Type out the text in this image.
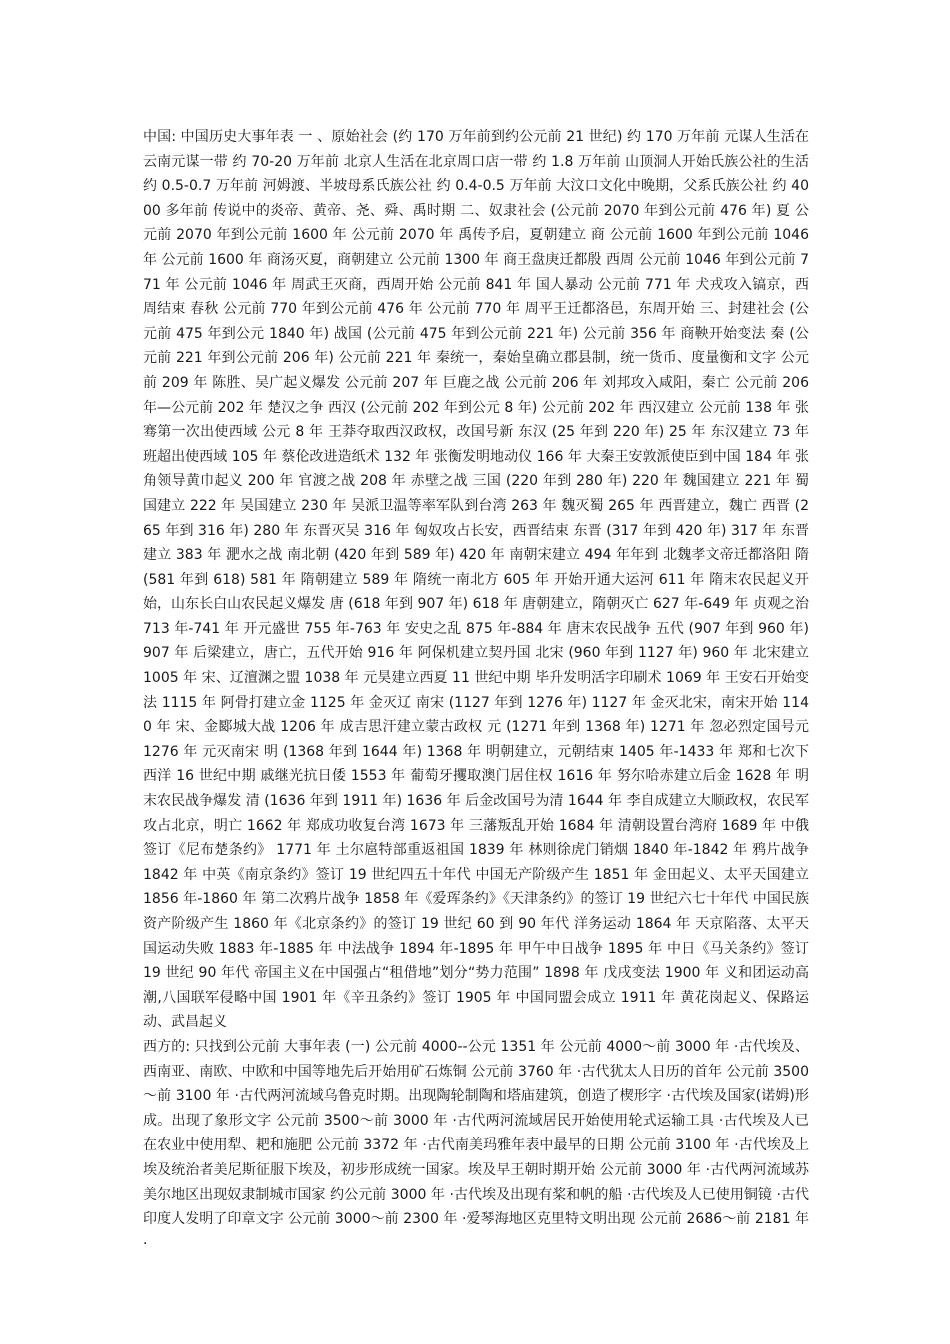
中国: 中国历史大事年表 一 、原始社会 (约 170 万年前到约公元前 21 世纪) 约 170 万年前 元谋人生活在云南元谋一带 约 70-20 万年前 北京人生活在北京周口店一带 约 1.8 万年前 山顶洞人开始氏族公社的生活 约 0.5-0.7 万年前 河姆渡、半坡母系氏族公社 约 0.4-0.5 万年前 大汶口文化中晚期，父系氏族公社 约 4000 多年前 传说中的炎帝、黄帝、尧、舜、禹时期 二、奴隶社会 (公元前 2070 年到公元前 476 年) 夏 公元前 2070 年到公元前 1600 年 公元前 2070 年 禹传予启，夏朝建立 商 公元前 1600 年到公元前 1046 年 公元前 1600 年 商汤灭夏，商朝建立 公元前 1300 年 商王盘庚迁都殷 西周 公元前 1046 年到公元前 771 年 公元前 1046 年 周武王灭商，西周开始 公元前 841 年 国人暴动 公元前 771 年 犬戎攻入镐京，西周结束 春秋 公元前 770 年到公元前 476 年 公元前 770 年 周平王迁都洛邑，东周开始 三、封建社会 (公元前 475 年到公元 1840 年) 战国 (公元前 475 年到公元前 221 年) 公元前 356 年 商鞅开始变法 秦 (公元前 221 年到公元前 206 年) 公元前 221 年 秦统一，秦始皇确立郡县制，统一货币、度量衡和文字 公元前 209 年 陈胜、吴广起义爆发 公元前 207 年 巨鹿之战 公元前 206 年 刘邦攻入咸阳，秦亡 公元前 206 年—公元前 202 年 楚汉之争 西汉 (公元前 202 年到公元 8 年) 公元前 202 年 西汉建立 公元前 138 年 张骞第一次出使西域 公元 8 年 王莽夺取西汉政权，改国号新 东汉 (25 年到 220 年) 25 年 东汉建立 73 年 班超出使西域 105 年 蔡伦改进造纸术 132 年 张衡发明地动仪 166 年 大秦王安敦派使臣到中国 184 年 张角领导黄巾起义 200 年 官渡之战 208 年 赤壁之战 三国 (220 年到 280 年) 220 年 魏国建立 221 年 蜀国建立 222 年 吴国建立 230 年 吴派卫温等率军队到台湾 263 年 魏灭蜀 265 年 西晋建立，魏亡 西晋 (265 年到 316 年) 280 年 东晋灭吴 316 年 匈奴攻占长安，西晋结束 东晋 (317 年到 420 年) 317 年 东晋建立 383 年 淝水之战 南北朝 (420 年到 589 年) 420 年 南朝宋建立 494 年年到 北魏孝文帝迁都洛阳 隋 (581 年到 618) 581 年 隋朝建立 589 年 隋统一南北方 605 年 开始开通大运河 611 年 隋末农民起义开始，山东长白山农民起义爆发 唐 (618 年到 907 年) 618 年 唐朝建立，隋朝灭亡 627 年-649 年 贞观之治 713 年-741 年 开元盛世 755 年-763 年 安史之乱 875 年-884 年 唐末农民战争 五代 (907 年到 960 年) 907 年 后梁建立，唐亡，五代开始 916 年 阿保机建立契丹国 北宋 (960 年到 1127 年) 960 年 北宋建立 1005 年 宋、辽澶渊之盟 1038 年 元昊建立西夏 11 世纪中期 毕升发明活字印刷术 1069 年 王安石开始变法 1115 年 阿骨打建立金 1125 年 金灭辽 南宋 (1127 年到 1276 年) 1127 年 金灭北宋，南宋开始 1140 年 宋、金郾城大战 1206 年 成吉思汗建立蒙古政权 元 (1271 年到 1368 年) 1271 年 忽必烈定国号元 1276 年 元灭南宋 明 (1368 年到 1644 年) 1368 年 明朝建立，元朝结束 1405 年-1433 年 郑和七次下西洋 16 世纪中期 戚继光抗日倭 1553 年 葡萄牙攫取澳门居住权 1616 年 努尔哈赤建立后金 1628 年 明末农民战争爆发 清 (1636 年到 1911 年) 1636 年 后金改国号为清 1644 年 李自成建立大顺政权，农民军攻占北京，明亡 1662 年 郑成功收复台湾 1673 年 三藩叛乱开始 1684 年 清朝设置台湾府 1689 年 中俄签订《尼布楚条约》 1771 年 土尔扈特部重返祖国 1839 年 林则徐虎门销烟 1840 年-1842 年 鸦片战争 1842 年 中英《南京条约》签订 19 世纪四五十年代 中国无产阶级产生 1851 年 金田起义、太平天国建立 1856 年-1860 年 第二次鸦片战争 1858 年《爱珲条约》《天津条约》的签订 19 世纪六七十年代 中国民族资产阶级产生 1860 年《北京条约》的签订 19 世纪 60 到 90 年代 洋务运动 1864 年 天京陷落、太平天国运动失败 1883 年-1885 年 中法战争 1894 年-1895 年 甲午中日战争 1895 年 中日《马关条约》签订 19 世纪 90 年代 帝国主义在中国强占“租借地”划分“势力范围” 1898 年 戊戌变法 1900 年 义和团运动高潮,八国联军侵略中国 1901 年《辛丑条约》签订 1905 年 中国同盟会成立 1911 年 黄花岗起义、保路运动、武昌起义

西方的: 只找到公元前 大事年表 (一) 公元前 4000--公元 1351 年 公元前 4000～前 3000 年 ·古代埃及、西南亚、南欧、中欧和中国等地先后开始用矿石炼铜 公元前 3760 年 ·古代犹太人日历的首年 公元前 3500～前 3100 年 ·古代两河流域乌鲁克时期。出现陶轮制陶和塔庙建筑，创造了楔形字 ·古代埃及国家(诺姆)形成。出现了象形文字 公元前 3500～前 3000 年 ·古代两河流域居民开始使用轮式运输工具 ·古代埃及人已在农业中使用犁、耙和施肥 公元前 3372 年 ·古代南美玛雅年表中最早的日期 公元前 3100 年 ·古代埃及上埃及统治者美尼斯征服下埃及，初步形成统一国家。埃及早王朝时期开始 公元前 3000 年 ·古代两河流域苏美尔地区出现奴隶制城市国家 约公元前 3000 年 ·古代埃及出现有桨和帆的船 ·古代埃及人已使用铜镜 ·古代印度人发明了印章文字 公元前 3000～前 2300 年 ·爱琴海地区克里特文明出现 公元前 2686～前 2181 年 ·
